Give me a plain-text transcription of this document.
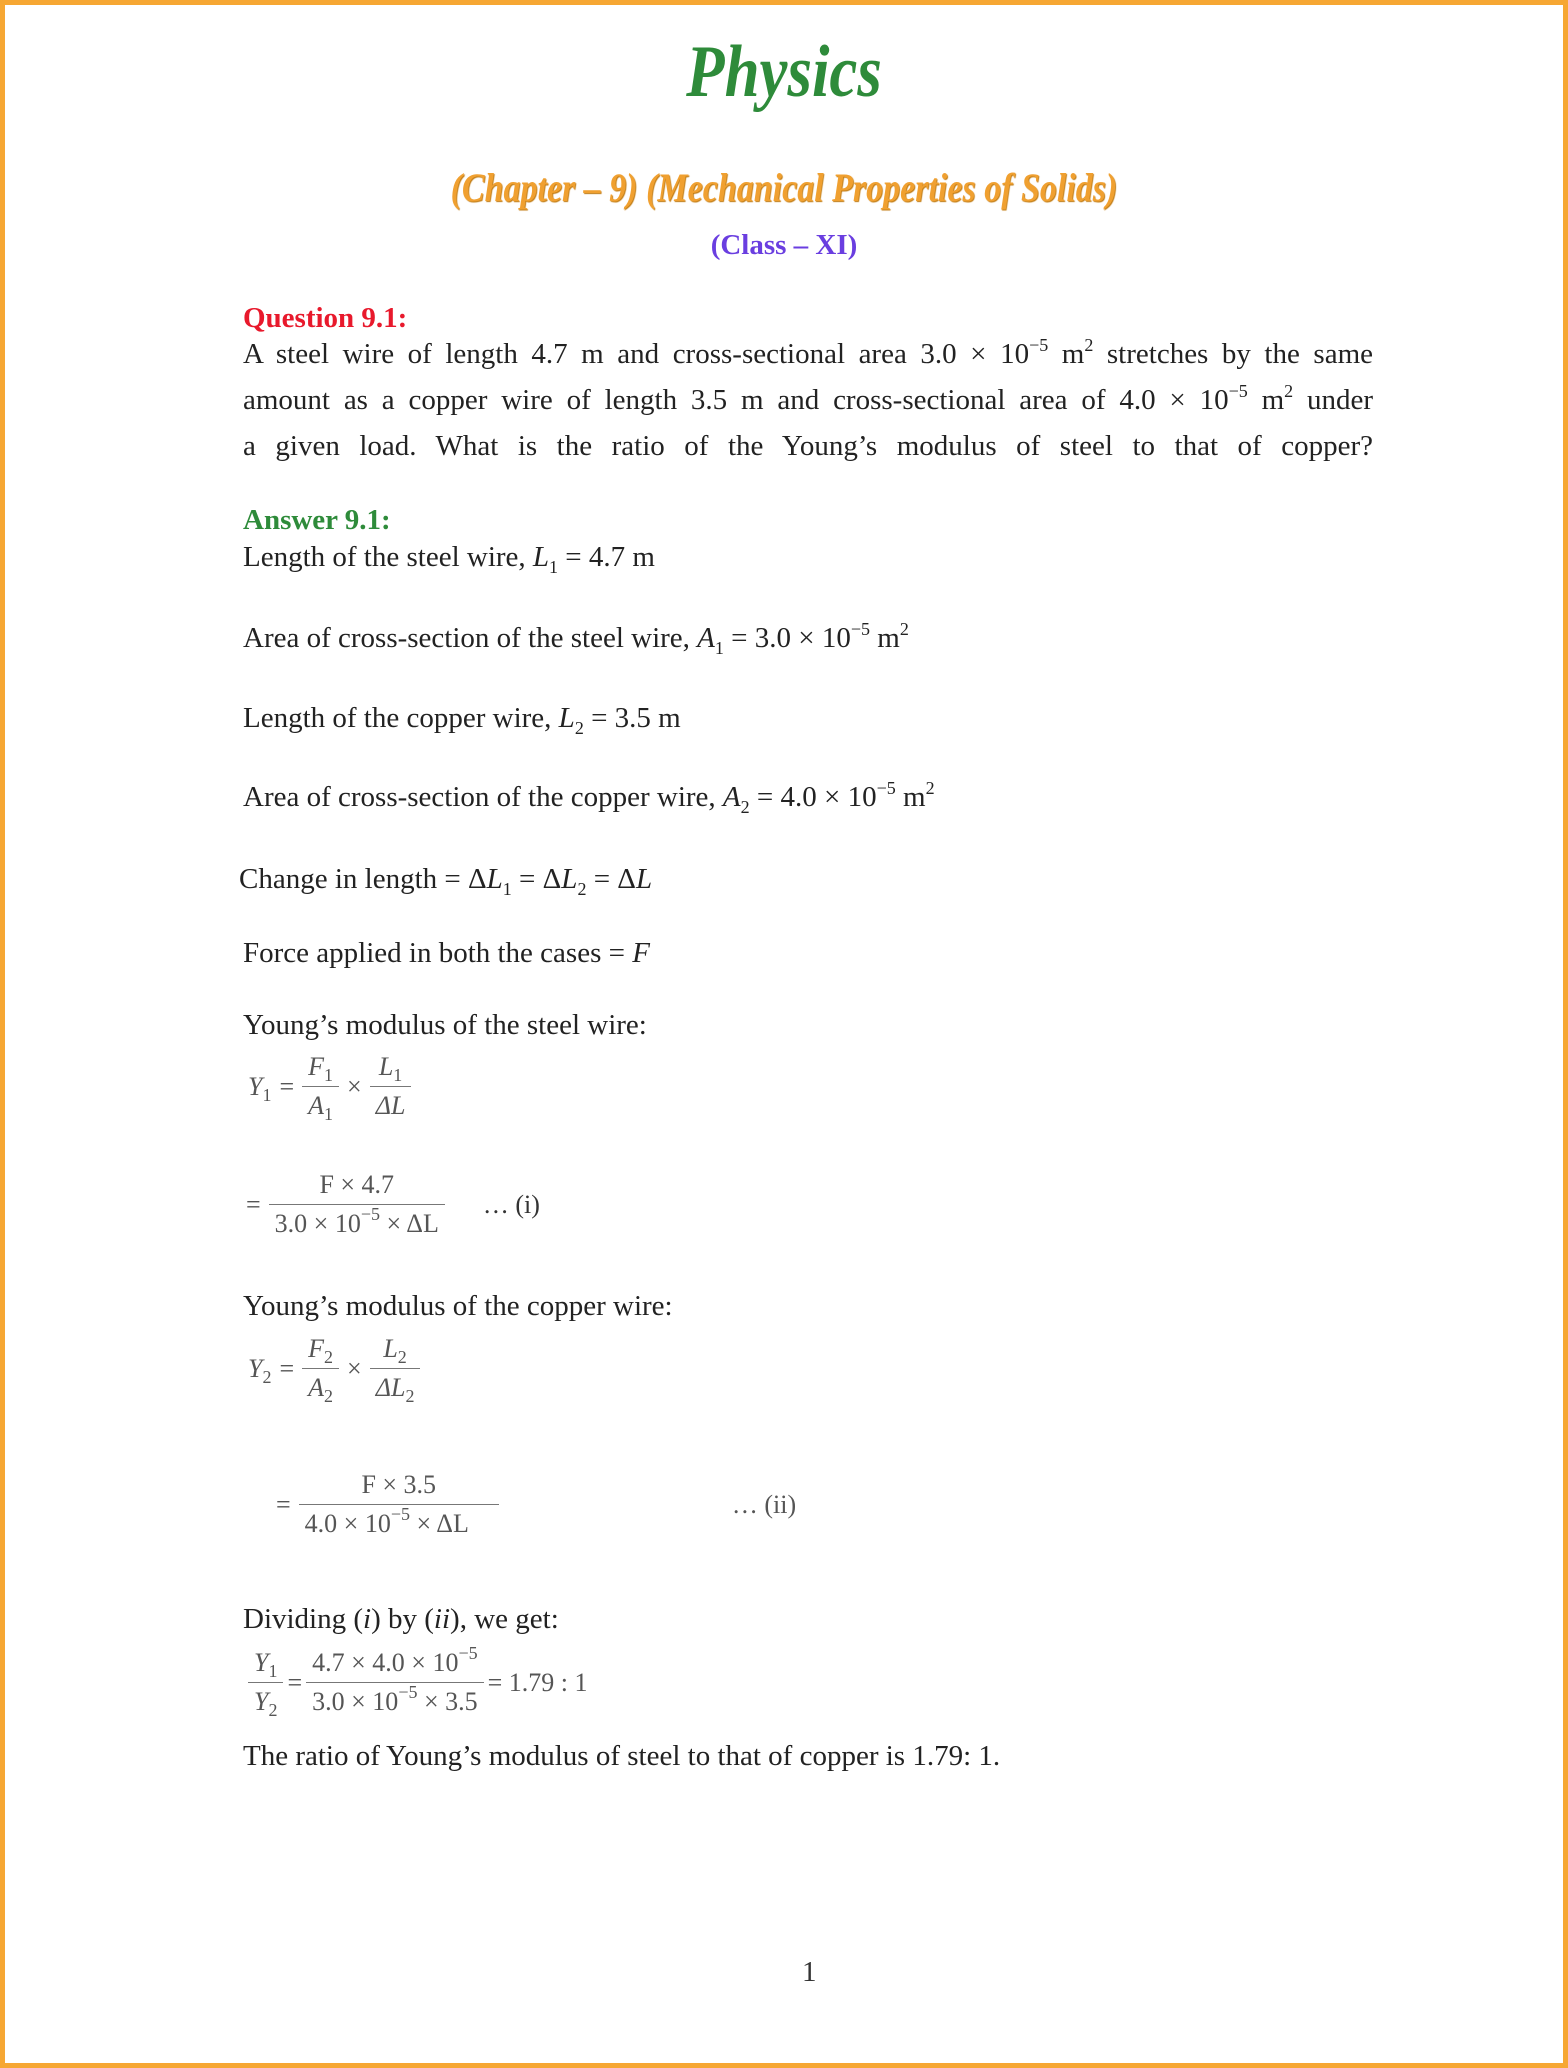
Physics
(Chapter – 9) (Mechanical Properties of Solids)
(Class – XI)
Question 9.1:
A steel wire of length 4.7 m and cross-sectional area $3.0 \times 10^{-5}$ $m^2$ stretches by the same
amount as a copper wire of length 3.5 m and cross-sectional area of $4.0 \times 10^{-5}$ $m^2$ under
a given load. What is the ratio of the Young’s modulus of steel to that of copper?
Answer 9.1:
Length of the steel wire, $L_1 = 4.7$ m
Area of cross-section of the steel wire, $A_1 = 3.0 \times 10^{-5}$ $m^2$
Length of the copper wire, $L_2 = 3.5$ m
Area of cross-section of the copper wire, $A_2 = 4.0 \times 10^{-5}$ $m^2$
Change in length = $\Delta L_1 = \Delta L_2 = \Delta L$
Force applied in both the cases = F
Young’s modulus of the steel wire:
$Y_1 = \frac{F_1}{A_1} \times \frac{L_1}{\Delta L}$
= $\frac{F \times 4.7}{3.0 \times 10^{-5} \times \Delta L}$ … (i)
Young’s modulus of the copper wire:
$Y_2 = \frac{F_2}{A_2} \times \frac{L_2}{\Delta L_2}$
= $\frac{F \times 3.5}{4.0 \times 10^{-5} \times \Delta L}$	… (ii)
Dividing (i) by (ii), we get:
$\frac{Y_1}{Y_2} = \frac{4.7 \times 4.0 \times 10^{-5}}{3.0 \times 10^{-5} \times 3.5} = 1.79$ : 1
The ratio of Young’s modulus of steel to that of copper is 1.79: 1.
1
